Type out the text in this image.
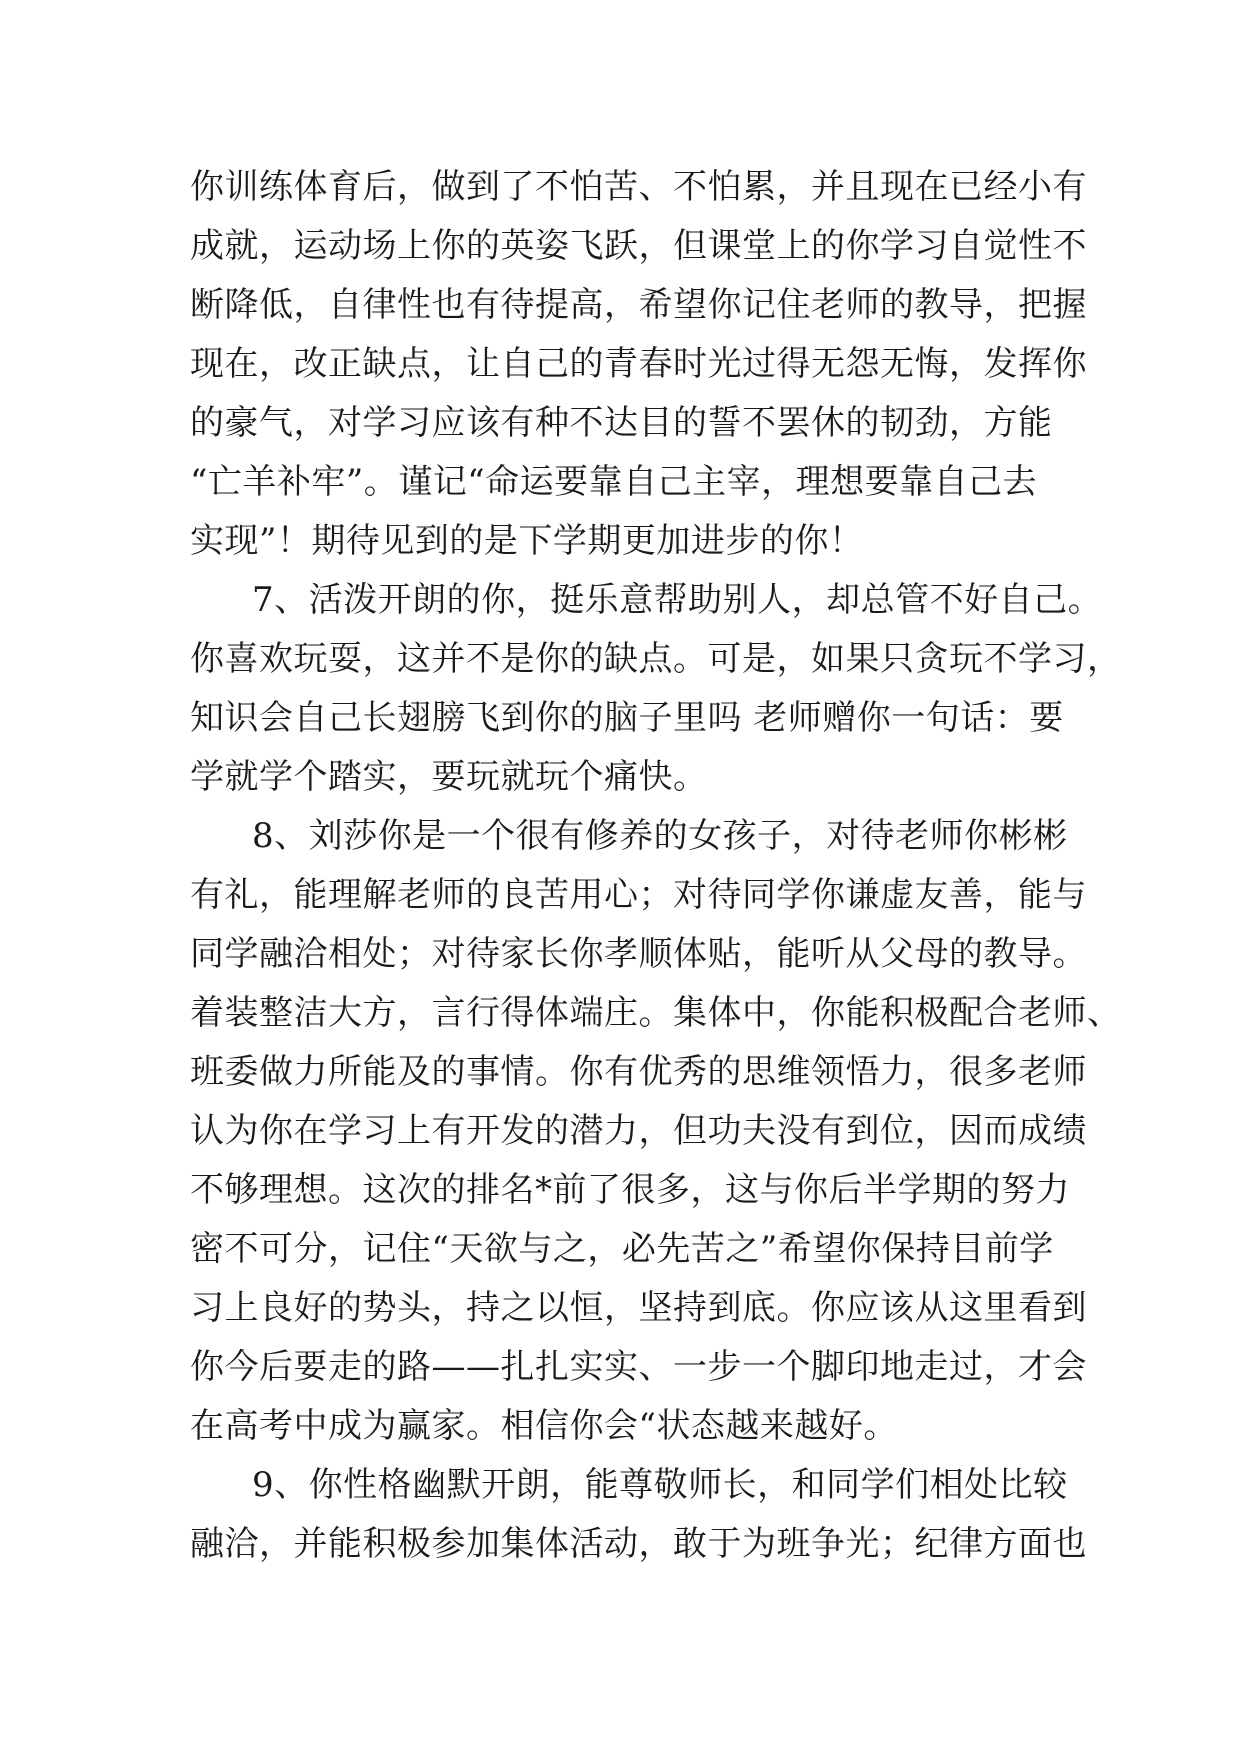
你训练体育后，做到了不怕苦、不怕累，并且现在已经小有
成就，运动场上你的英姿飞跃，但课堂上的你学习自觉性不
断降低，自律性也有待提高，希望你记住老师的教导，把握
现在，改正缺点，让自己的青春时光过得无怨无悔，发挥你
的豪气，对学习应该有种不达目的誓不罢休的韧劲，方能
“亡羊补牢”。谨记“命运要靠自己主宰，理想要靠自己去
实现”！期待见到的是下学期更加进步的你！
7、活泼开朗的你，挺乐意帮助别人，却总管不好自己。
你喜欢玩耍，这并不是你的缺点。可是，如果只贪玩不学习，
知识会自己长翅膀飞到你的脑子里吗 老师赠你一句话：要
学就学个踏实，要玩就玩个痛快。
8、刘莎你是一个很有修养的女孩子，对待老师你彬彬
有礼，能理解老师的良苦用心；对待同学你谦虚友善，能与
同学融洽相处；对待家长你孝顺体贴，能听从父母的教导。
着装整洁大方，言行得体端庄。集体中，你能积极配合老师、
班委做力所能及的事情。你有优秀的思维领悟力，很多老师
认为你在学习上有开发的潜力，但功夫没有到位，因而成绩
不够理想。这次的排名*前了很多，这与你后半学期的努力
密不可分，记住“天欲与之，必先苦之”希望你保持目前学
习上良好的势头，持之以恒，坚持到底。你应该从这里看到
你今后要走的路——扎扎实实、一步一个脚印地走过，才会
在高考中成为赢家。相信你会“状态越来越好。
9、你性格幽默开朗，能尊敬师长，和同学们相处比较
融洽，并能积极参加集体活动，敢于为班争光；纪律方面也
